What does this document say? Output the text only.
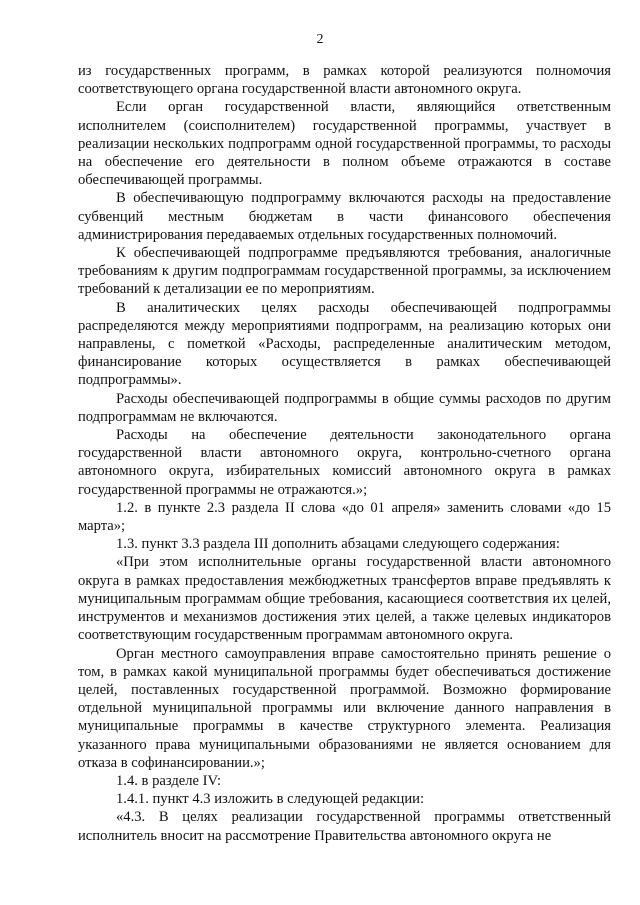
2

из государственных программ, в рамках которой реализуются полномочия соответствующего органа государственной власти автономного округа.

Если орган государственной власти, являющийся ответственным исполнителем (соисполнителем) государственной программы, участвует в реализации нескольких подпрограмм одной государственной программы, то расходы на обеспечение его деятельности в полном объеме отражаются в составе обеспечивающей программы.

В обеспечивающую подпрограмму включаются расходы на предоставление субвенций местным бюджетам в части финансового обеспечения администрирования передаваемых отдельных государственных полномочий.

К обеспечивающей подпрограмме предъявляются требования, аналогичные требованиям к другим подпрограммам государственной программы, за исключением требований к детализации ее по мероприятиям.

В аналитических целях расходы обеспечивающей подпрограммы распределяются между мероприятиями подпрограмм, на реализацию которых они направлены, с пометкой «Расходы, распределенные аналитическим методом, финансирование которых осуществляется в рамках обеспечивающей подпрограммы».

Расходы обеспечивающей подпрограммы в общие суммы расходов по другим подпрограммам не включаются.

Расходы на обеспечение деятельности законодательного органа государственной власти автономного округа, контрольно-счетного органа автономного округа, избирательных комиссий автономного округа в рамках государственной программы не отражаются.»;

1.2. в пункте 2.3 раздела II слова «до 01 апреля» заменить словами «до 15 марта»;

1.3. пункт 3.3 раздела III дополнить абзацами следующего содержания:

«При этом исполнительные органы государственной власти автономного округа в рамках предоставления межбюджетных трансфертов вправе предъявлять к муниципальным программам общие требования, касающиеся соответствия их целей, инструментов и механизмов достижения этих целей, а также целевых индикаторов соответствующим государственным программам автономного округа.

Орган местного самоуправления вправе самостоятельно принять решение о том, в рамках какой муниципальной программы будет обеспечиваться достижение целей, поставленных государственной программой. Возможно формирование отдельной муниципальной программы или включение данного направления в муниципальные программы в качестве структурного элемента. Реализация указанного права муниципальными образованиями не является основанием для отказа в софинансировании.»;

1.4. в разделе IV:

1.4.1. пункт 4.3 изложить в следующей редакции:

«4.3. В целях реализации государственной программы ответственный исполнитель вносит на рассмотрение Правительства автономного округа не
